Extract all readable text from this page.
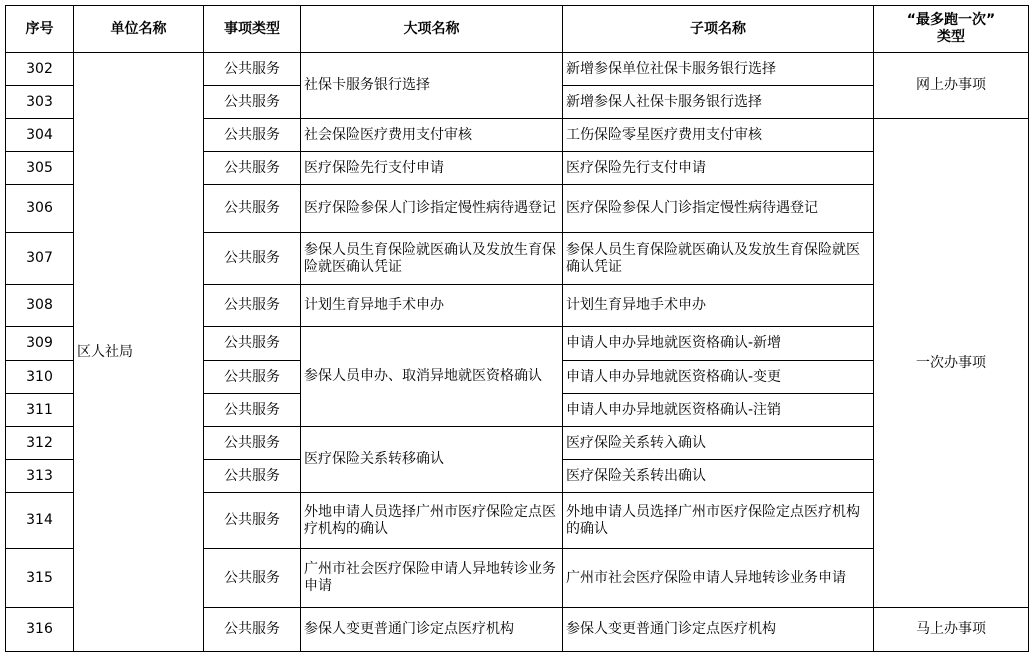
序号	单位名称	事项类型	大项名称	子项名称	“最多跑一次”
类型

302	区人社局	公共服务	社保卡服务银行选择	新增参保单位社保卡服务银行选择	网上办事项
303		公共服务		新增参保人社保卡服务银行选择	
304		公共服务	社会保险医疗费用支付审核	工伤保险零星医疗费用支付审核	一次办事项
305		公共服务	医疗保险先行支付申请	医疗保险先行支付申请	
306		公共服务	医疗保险参保人门诊指定慢性病待遇登记	医疗保险参保人门诊指定慢性病待遇登记	
307		公共服务	参保人员生育保险就医确认及发放生育保险就医确认凭证	参保人员生育保险就医确认及发放生育保险就医确认凭证	
308		公共服务	计划生育异地手术申办	计划生育异地手术申办	
309		公共服务	参保人员申办、取消异地就医资格确认	申请人申办异地就医资格确认-新增	
310		公共服务		申请人申办异地就医资格确认-变更	
311		公共服务		申请人申办异地就医资格确认-注销	
312		公共服务	医疗保险关系转移确认	医疗保险关系转入确认	
313		公共服务		医疗保险关系转出确认	
314		公共服务	外地申请人员选择广州市医疗保险定点医疗机构的确认	外地申请人员选择广州市医疗保险定点医疗机构的确认	
315		公共服务	广州市社会医疗保险申请人异地转诊业务申请	广州市社会医疗保险申请人异地转诊业务申请	
316		公共服务	参保人变更普通门诊定点医疗机构	参保人变更普通门诊定点医疗机构	马上办事项
